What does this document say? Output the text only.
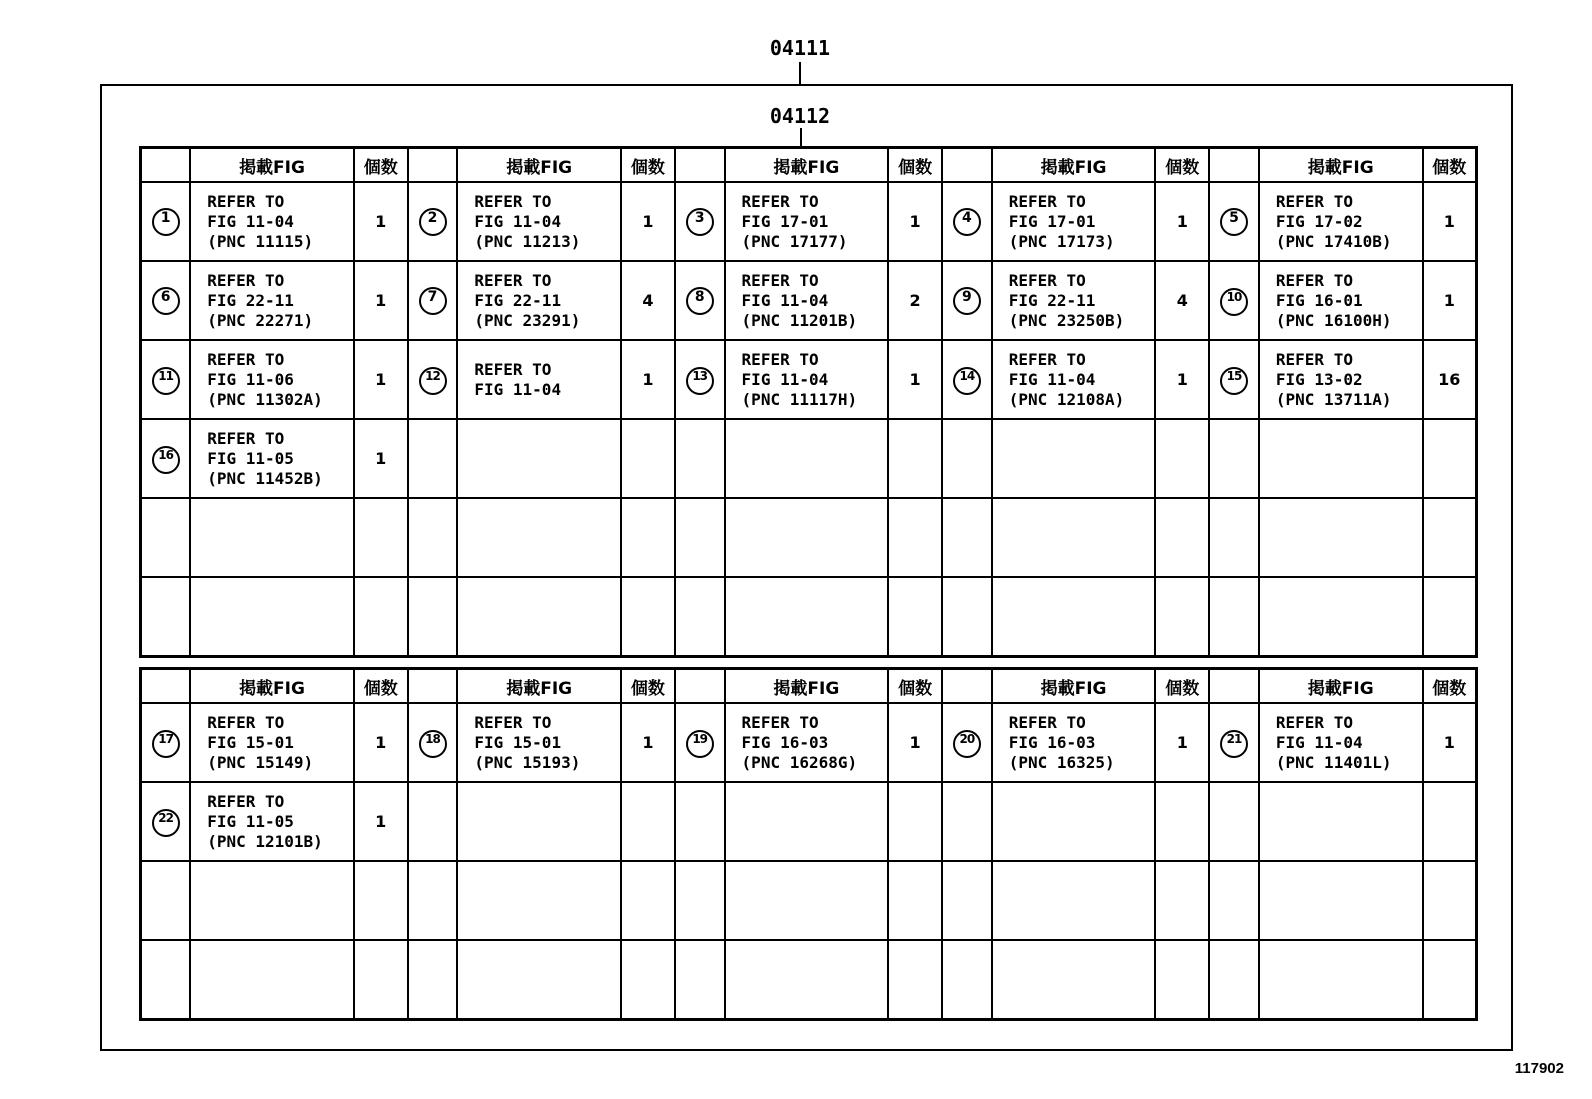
04111
04112
	掲載FIG	個数		掲載FIG	個数		掲載FIG	個数		掲載FIG	個数		掲載FIG	個数
1	REFER TO
FIG 11-04
(PNC 11115)	1	2	REFER TO
FIG 11-04
(PNC 11213)	1	3	REFER TO
FIG 17-01
(PNC 17177)	1	4	REFER TO
FIG 17-01
(PNC 17173)	1	5	REFER TO
FIG 17-02
(PNC 17410B)	1
6	REFER TO
FIG 22-11
(PNC 22271)	1	7	REFER TO
FIG 22-11
(PNC 23291)	4	8	REFER TO
FIG 11-04
(PNC 11201B)	2	9	REFER TO
FIG 22-11
(PNC 23250B)	4	10	REFER TO
FIG 16-01
(PNC 16100H)	1
11	REFER TO
FIG 11-06
(PNC 11302A)	1	12	REFER TO
FIG 11-04	1	13	REFER TO
FIG 11-04
(PNC 11117H)	1	14	REFER TO
FIG 11-04
(PNC 12108A)	1	15	REFER TO
FIG 13-02
(PNC 13711A)	16
16	REFER TO
FIG 11-05
(PNC 11452B)	1												

	掲載FIG	個数		掲載FIG	個数		掲載FIG	個数		掲載FIG	個数		掲載FIG	個数
17	REFER TO
FIG 15-01
(PNC 15149)	1	18	REFER TO
FIG 15-01
(PNC 15193)	1	19	REFER TO
FIG 16-03
(PNC 16268G)	1	20	REFER TO
FIG 16-03
(PNC 16325)	1	21	REFER TO
FIG 11-04
(PNC 11401L)	1
22	REFER TO
FIG 11-05
(PNC 12101B)	1												

117902
